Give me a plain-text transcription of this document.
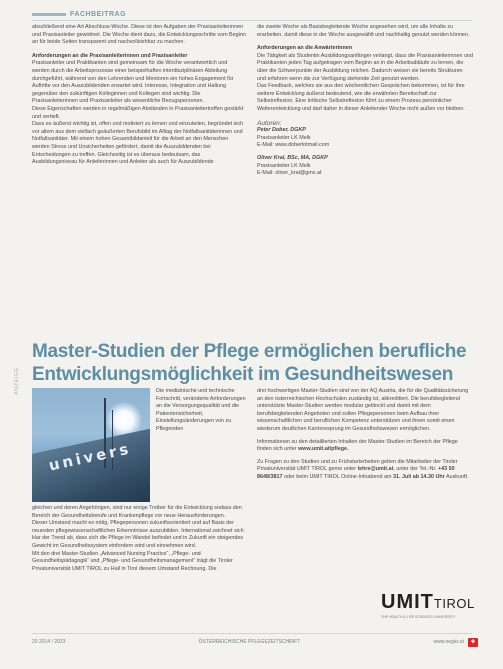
FACHBEITRAG

abschließend eine Art Abschluss-Woche. Diese ist den Aufgaben der Praxisanleiterinnen und Praxisanleiter gewidmet. Die Woche dient dazu, die Entwicklungsschritte vom Beginn an für beide Seiten transparent und nachvollziehbar zu machen.

Anforderungen an die Praxisanleiterinnen und Praxisanleiter

Praxisanleiter und Praktikanten sind gemeinsam für die Woche verantwortlich und werden durch die Arbeitsprozesse einer beispielhaften interdisziplinären Abteilung durchgeführt, während von den Lehrenden und Mentoren ein hohes Engagement für Auftritte vor den Auszubildenden erwartet wird. Interesse, Integration und Haltung gegenüber den zukünftigen Kolleginnen und Kollegen sind wichtig. Die Praxisanleiterinnen und Praxisanleiter als wesentliche Bezugspersonen.

Diese Eigenschaften werden in regelmäßigen Abständen in Praxisanleitertreffen gestärkt und vertieft.

Dass es äußerst wichtig ist, offen und motiviert zu lernen und einzuteilen, begründet sich vor allem aus dem vielfach geäußerten Berufsbild im Alltag der Notfallsanitäterinnen und Notfallsanitäter. Mit einem hohen Gesamtbildanteil für die Arbeit an den Menschen werden Stress und Unsicherheiten gefördert, damit die Auszubildenden bei Entscheidungen zu treffen. Gleichzeitig ist es überaus bedeutsam, das Ausbildungsniveau für Anleiterinnen und Anleiter als auch für Auszubildende

die zweite Woche als Basisbegleitende Woche angesehen wird, um alle Inhalte zu erarbeiten, damit diese in der Woche ausgewählt und nachhaltig genutzt werden können.

Anforderungen an die Anwärterinnen

Die Tätigkeit als Studentin Ausbildungsanfänger verlangt, dass die Praxisanleiterinnen und Praktikanten jeden Tag aufgetragen vom Beginn an in die Arbeitsabläufe zu lernen, die über die Schwerpunkte der Ausbildung reichen. Dadurch weisen sie bereits Strukturen und erfahren wenn die zur Verfügung stehende Zeit genutzt werden.

Das Feedback, welches sie aus den wöchentlichen Gesprächen bekommen, ist für ihre weitere Entwicklung äußerst bedeutend, wie die erwähnten Bereitschaft zur Selbstreflexion. Eine kritische Selbstreflexion führt zu einem Prozess persönlicher Weiterentwicklung und darf daher in dieser Anleitender Woche nicht außen vor bleiben.

Autoren:

Peter Dober, DGKP

Praxisanleiter LK Melk

E-Mail: www.doberlotmail.com

Oliver Kral, BSc, MA, DGKP

Praxisanleiter LK Melk

E-Mail: oliver_kral@gmx.at

ANZEIGE
Master-Studien der Pflege ermöglichen berufliche Entwicklungsmöglichkeit im Gesundheitswesen
univers

Die medizinische und technische Fortschritt, veränderte Anforderungen an die Versorgungsqualität und die Patientensicherheit, Einstellungsänderungen von zu Pflegenden

gleichen und deren Angehörigen, sind nur einige Treiber für die Entwicklung sodass den Bereich der Gesundheitsberufe und Krankenpflege vor neue Herausforderungen.

Dieser Umstand macht es nötig, Pflegepersonen zukunftsorientiert und auf Basis der neuesten pflegewissenschaftlichen Erkenntnisse auszubilden. International zeichnet sich klar der Trend ab, dass sich die Pflege im Wandel befindet und in Zukunft ein steigendes Gewicht im Gesundheitssystem einfordern wird und einnehmen wird.

Mit den drei Master-Studien „Advanced Nursing Practice“, „Pflege- und Gesundheitspädagogik“ und „Pflege- und Gesundheitsmanagement“ trägt die Tiroler Privatuniversität UMIT TIROL zu Hall in Tirol diesem Umstand Rechnung. Die

drei hochwertigen Master-Studien sind von der AQ Austria, die für die Qualitätssicherung an den österreichischen Hochschulen zuständig ist, akkreditiert. Die berufsbegleitend unterstützte Master-Studien werden modular geblockt und damit mit dem berufsbegleitenden Angeboten und sollen Pflegepersonen beim Aufbau ihrer wissenschaftlichen und beruflichen Kompetenz unterstützen und ihnen somit einen wiederum deutlichen Karrieresprung im Gesundheitswesen ermöglichen.

Informationen zu den detaillierten Inhalten der Master-Studien im Bereich der Pflege finden sich unter www.umit.at/pflege.

Zu Fragen zu den Studien und zu Frühstarterbeiten geben die Mitarbeiter der Tiroler Privatuniversität UMIT TIROL gerne unter lehre@umit.at, unter der Tel.-Nr. +43 50 8648/3817 oder beim UMIT TIROL Online-Infoabend am 31. Juli ab 14.30 Uhr Auskunft.

UMITTIROL
THE HEALTH & LIFE SCIENCES UNIVERSITY
20 2014 / 2023	ÖSTERREICHISCHE PFLEGEZEITSCHRIFT	www.oegkv.at	✚
